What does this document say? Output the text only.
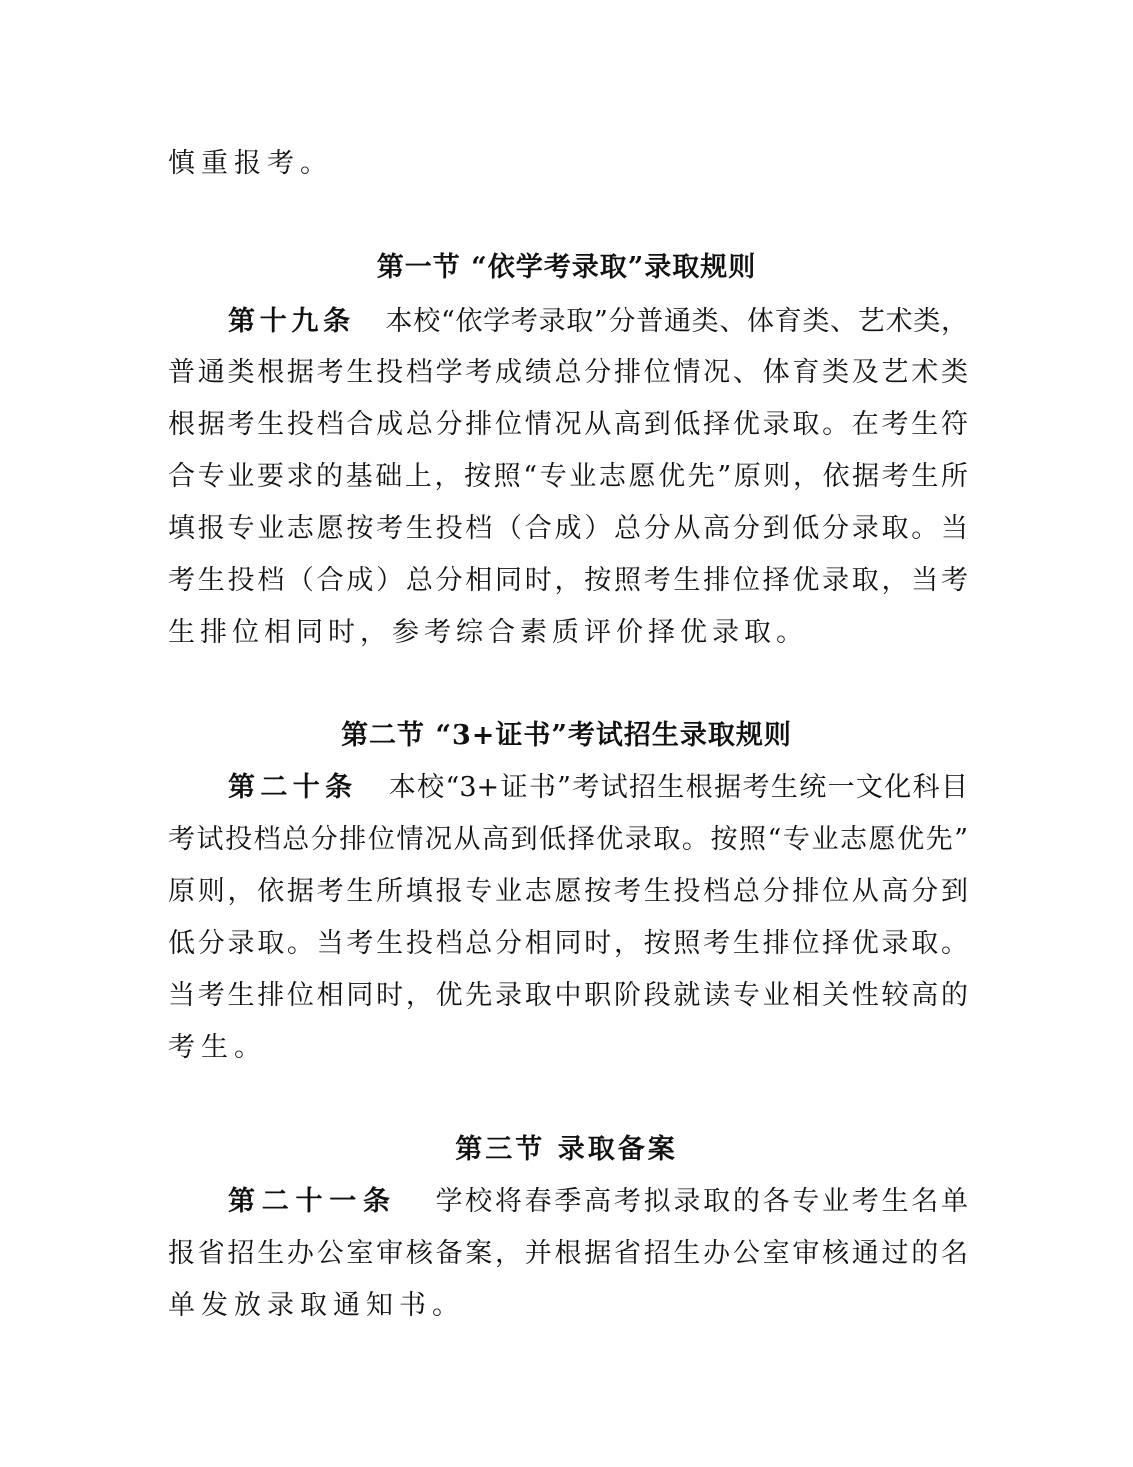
慎重报考。
第一节 “依学考录取”录取规则
第十九条 本校“依学考录取”分普通类、体育类、艺术类，
普通类根据考生投档学考成绩总分排位情况、体育类及艺术类
根据考生投档合成总分排位情况从高到低择优录取。在考生符
合专业要求的基础上，按照“专业志愿优先”原则，依据考生所
填报专业志愿按考生投档（合成）总分从高分到低分录取。当
考生投档（合成）总分相同时，按照考生排位择优录取，当考
生排位相同时，参考综合素质评价择优录取。
第二节 “3+证书”考试招生录取规则
第二十条 本校“3+证书”考试招生根据考生统一文化科目
考试投档总分排位情况从高到低择优录取。按照“专业志愿优先”
原则，依据考生所填报专业志愿按考生投档总分排位从高分到
低分录取。当考生投档总分相同时，按照考生排位择优录取。
当考生排位相同时，优先录取中职阶段就读专业相关性较高的
考生。
第三节 录取备案
第二十一条 学校将春季高考拟录取的各专业考生名单
报省招生办公室审核备案，并根据省招生办公室审核通过的名
单发放录取通知书。
